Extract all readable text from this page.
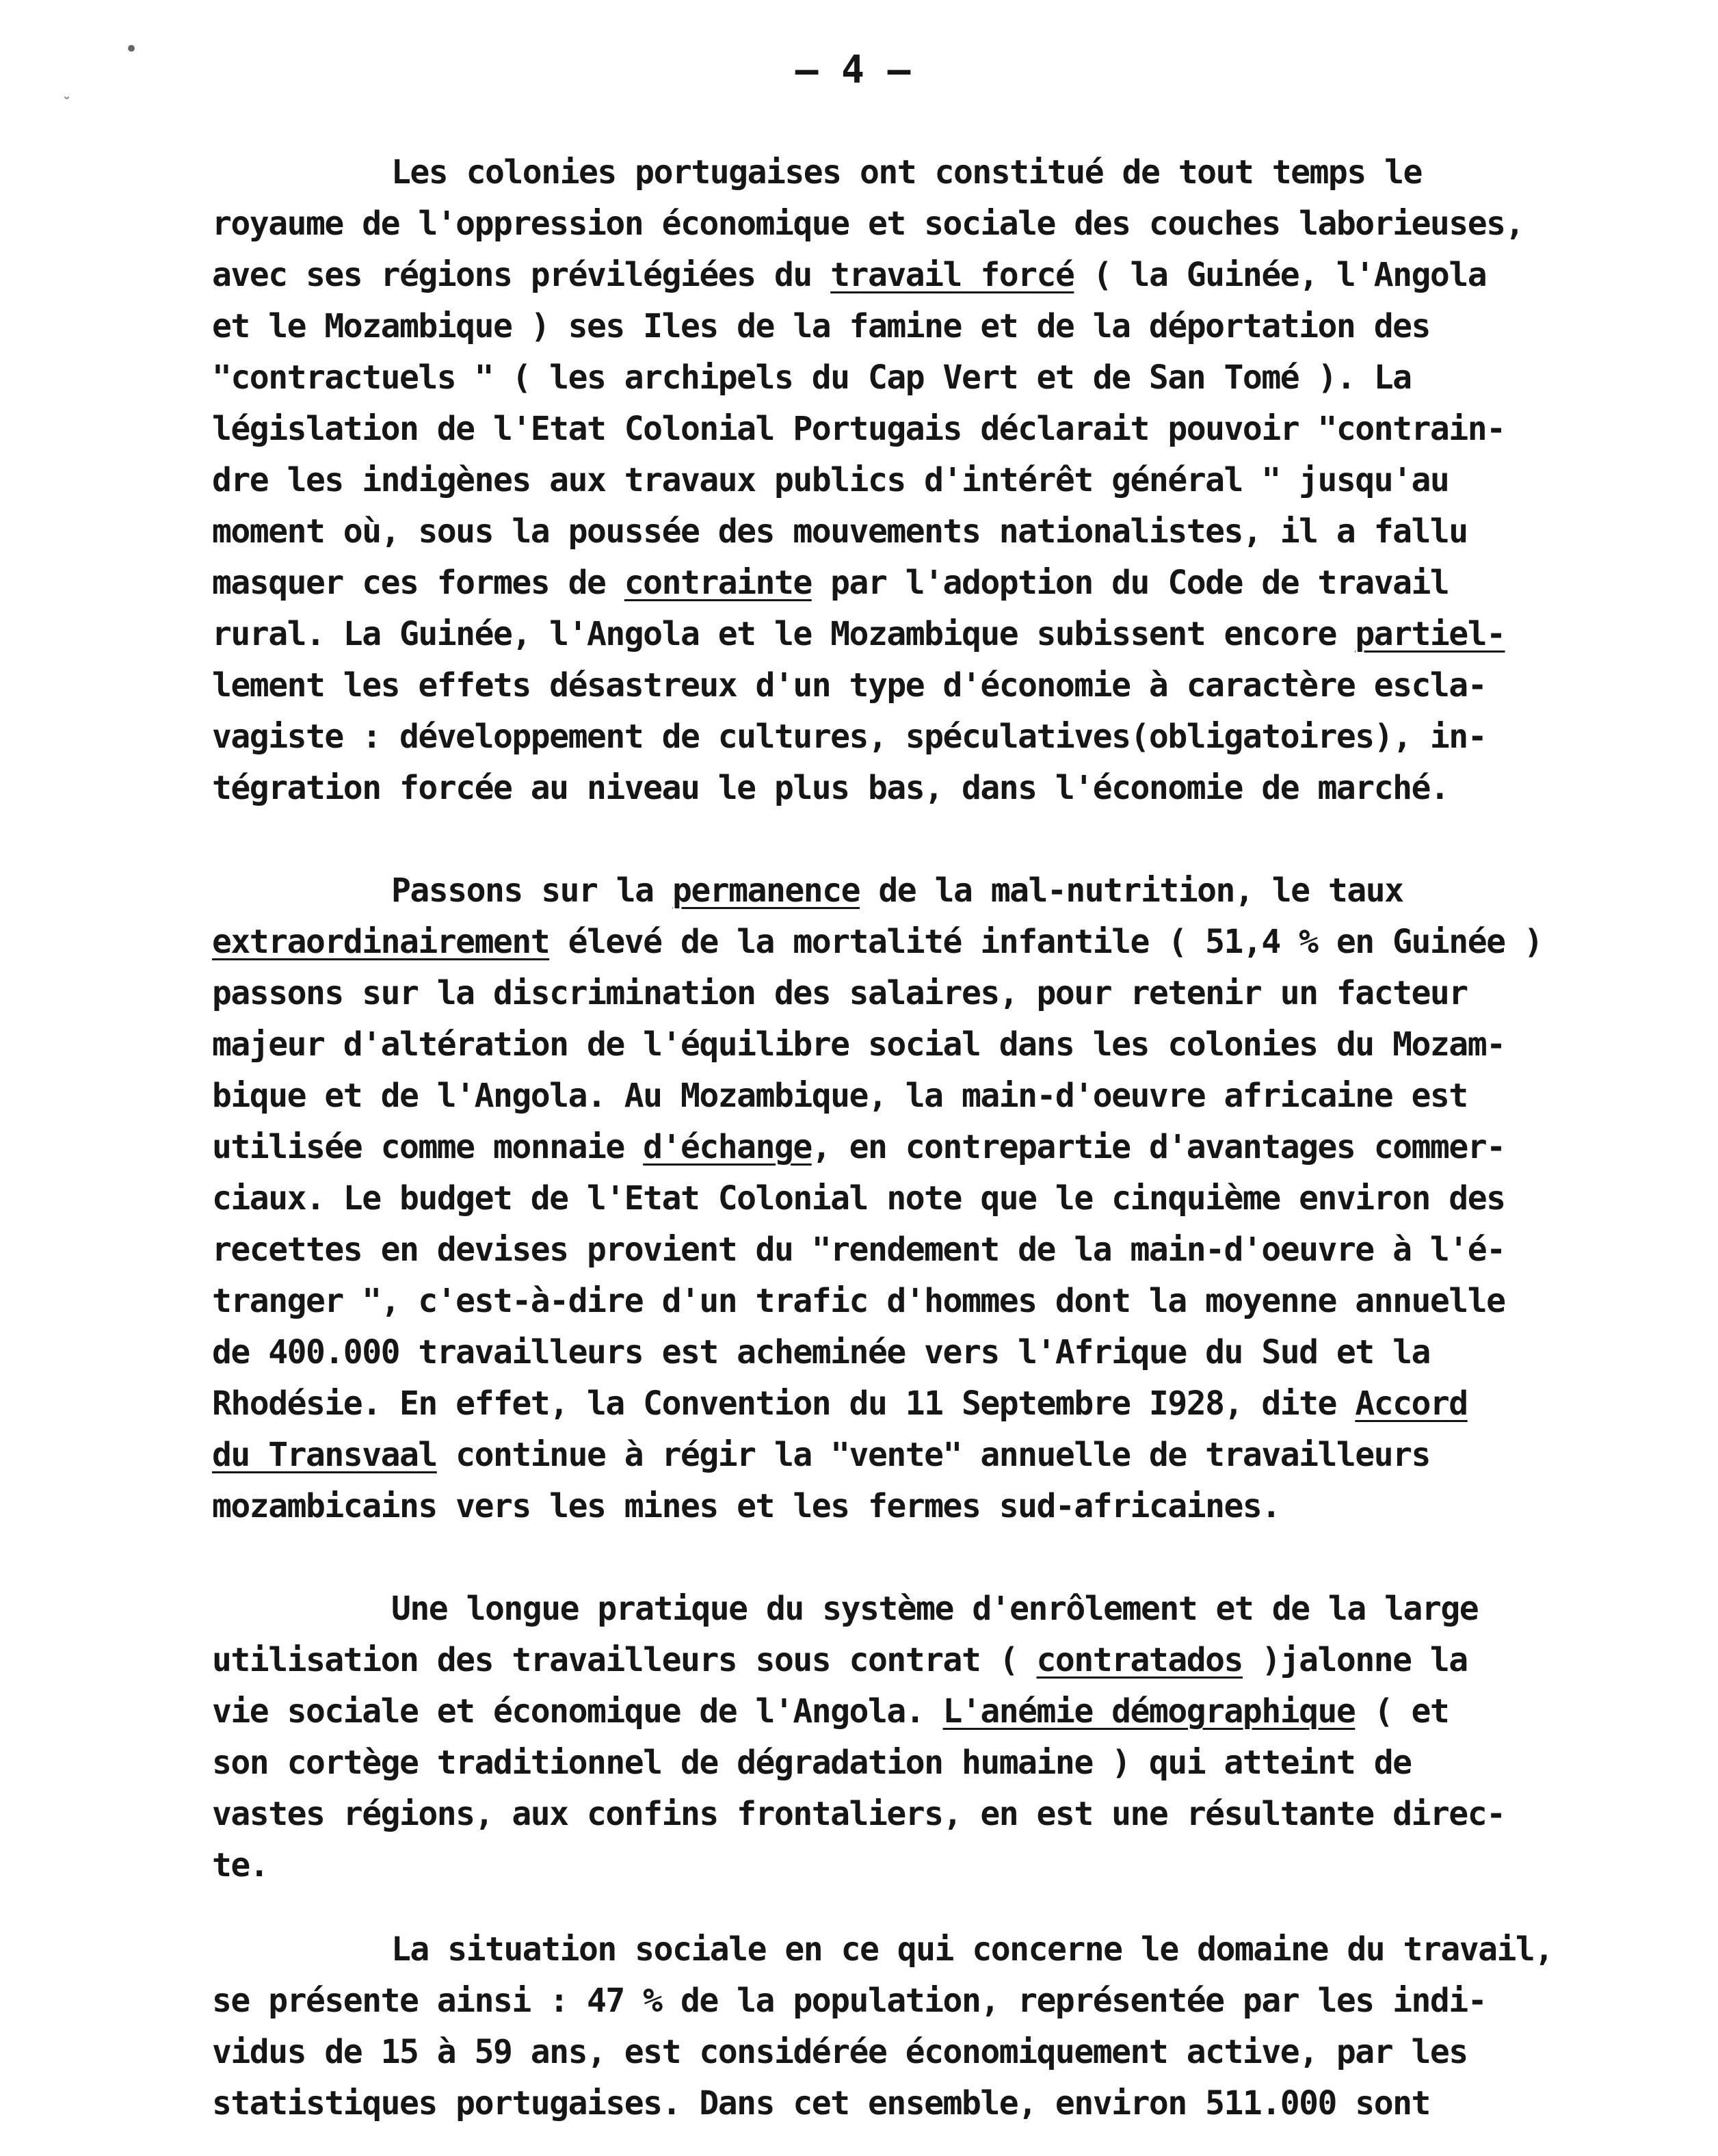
– 4 –
•
˘
Les colonies portugaises ont constitué de tout temps le
royaume de l'oppression économique et sociale des couches laborieuses,
avec ses régions prévilégiées du travail forcé ( la Guinée, l'Angola
et le Mozambique ) ses Iles de la famine et de la déportation des
"contractuels " ( les archipels du Cap Vert et de San Tomé ). La
législation de l'Etat Colonial Portugais déclarait pouvoir "contrain-
dre les indigènes aux travaux publics d'intérêt général " jusqu'au
moment où, sous la poussée des mouvements nationalistes, il a fallu
masquer ces formes de contrainte par l'adoption du Code de travail
rural. La Guinée, l'Angola et le Mozambique subissent encore partiel-
lement les effets désastreux d'un type d'économie à caractère escla-
vagiste : développement de cultures, spéculatives(obligatoires), in-
tégration forcée au niveau le plus bas, dans l'économie de marché.
Passons sur la permanence de la mal-nutrition, le taux
extraordinairement élevé de la mortalité infantile ( 51,4 % en Guinée )
passons sur la discrimination des salaires, pour retenir un facteur
majeur d'altération de l'équilibre social dans les colonies du Mozam-
bique et de l'Angola. Au Mozambique, la main-d'oeuvre africaine est
utilisée comme monnaie d'échange, en contrepartie d'avantages commer-
ciaux. Le budget de l'Etat Colonial note que le cinquième environ des
recettes en devises provient du "rendement de la main-d'oeuvre à l'é-
tranger ", c'est-à-dire d'un trafic d'hommes dont la moyenne annuelle
de 400.000 travailleurs est acheminée vers l'Afrique du Sud et la
Rhodésie. En effet, la Convention du 11 Septembre I928, dite Accord
du Transvaal continue à régir la "vente" annuelle de travailleurs
mozambicains vers les mines et les fermes sud-africaines.
Une longue pratique du système d'enrôlement et de la large
utilisation des travailleurs sous contrat ( contratados )jalonne la
vie sociale et économique de l'Angola. L'anémie démographique ( et
son cortège traditionnel de dégradation humaine ) qui atteint de
vastes régions, aux confins frontaliers, en est une résultante direc-
te.
La situation sociale en ce qui concerne le domaine du travail,
se présente ainsi : 47 % de la population, représentée par les indi-
vidus de 15 à 59 ans, est considérée économiquement active, par les
statistiques portugaises. Dans cet ensemble, environ 511.000 sont
